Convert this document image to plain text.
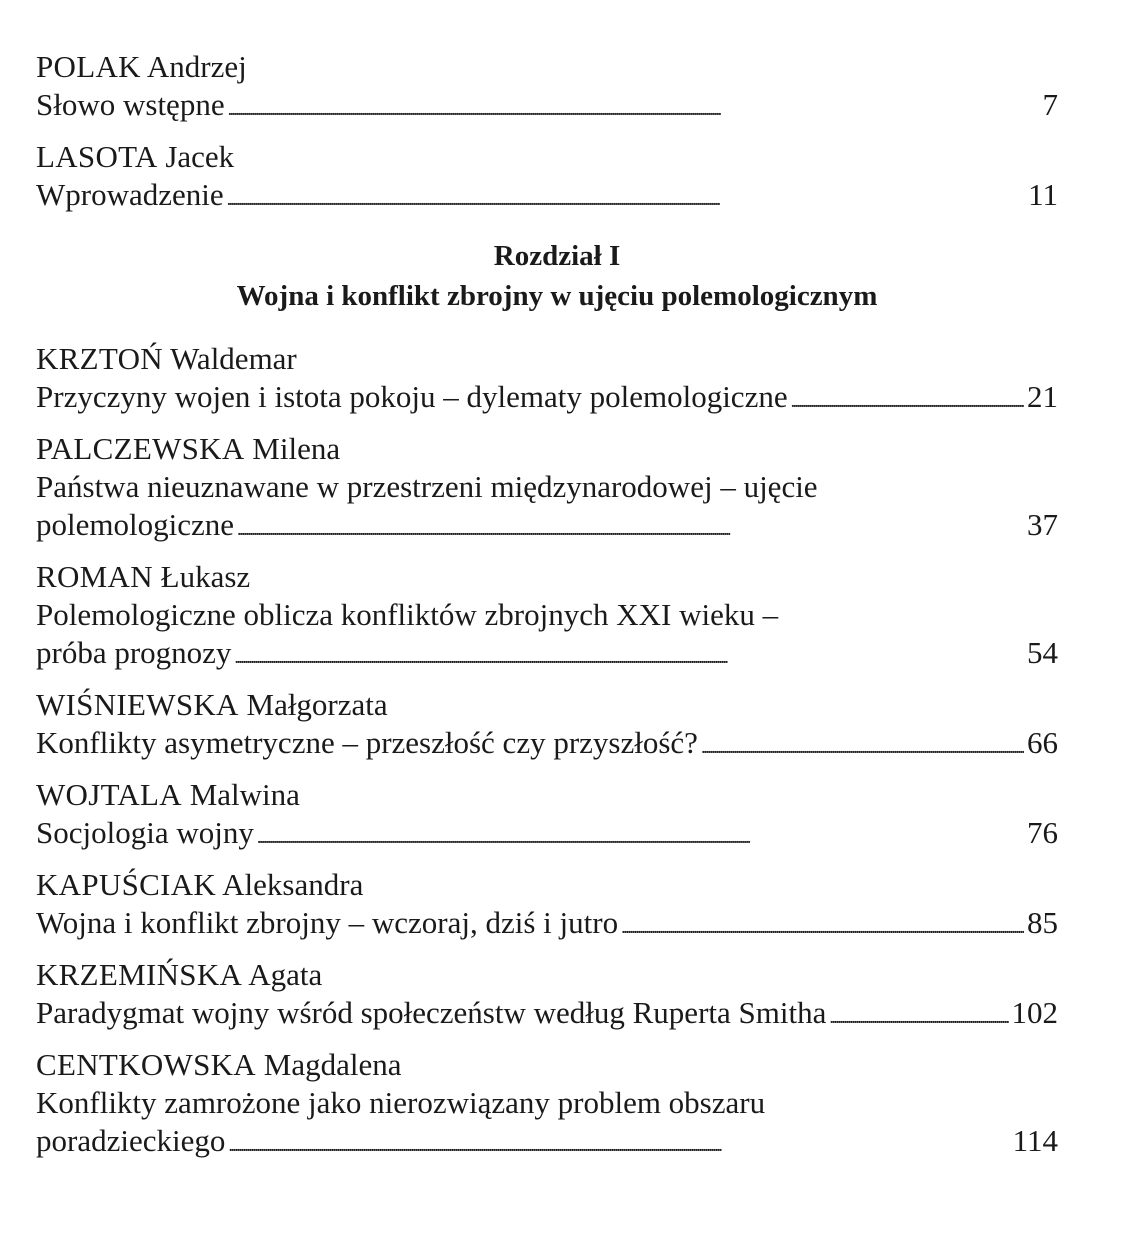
POLAK Andrzej
Słowo wstępne . . .	7
LASOTA Jacek
Wprowadzenie . . .	11
Rozdział I
Wojna i konflikt zbrojny w ujęciu polemologicznym
KRZTOŃ Waldemar
Przyczyny wojen i istota pokoju – dylematy polemologiczne . . .	21
PALCZEWSKA Milena
Państwa nieuznawane w przestrzeni międzynarodowej – ujęcie
polemologiczne . . .	37
ROMAN Łukasz
Polemologiczne oblicza konfliktów zbrojnych XXI wieku –
próba prognozy . . .	54
WIŚNIEWSKA Małgorzata
Konflikty asymetryczne – przeszłość czy przyszłość? . . .	66
WOJTALA Malwina
Socjologia wojny . . .	76
KAPUŚCIAK Aleksandra
Wojna i konflikt zbrojny – wczoraj, dziś i jutro . . .	85
KRZEMIŃSKA Agata
Paradygmat wojny wśród społeczeństw według Ruperta Smitha . . .	102
CENTKOWSKA Magdalena
Konflikty zamrożone jako nierozwiązany problem obszaru
poradzieckiego . . .	114
